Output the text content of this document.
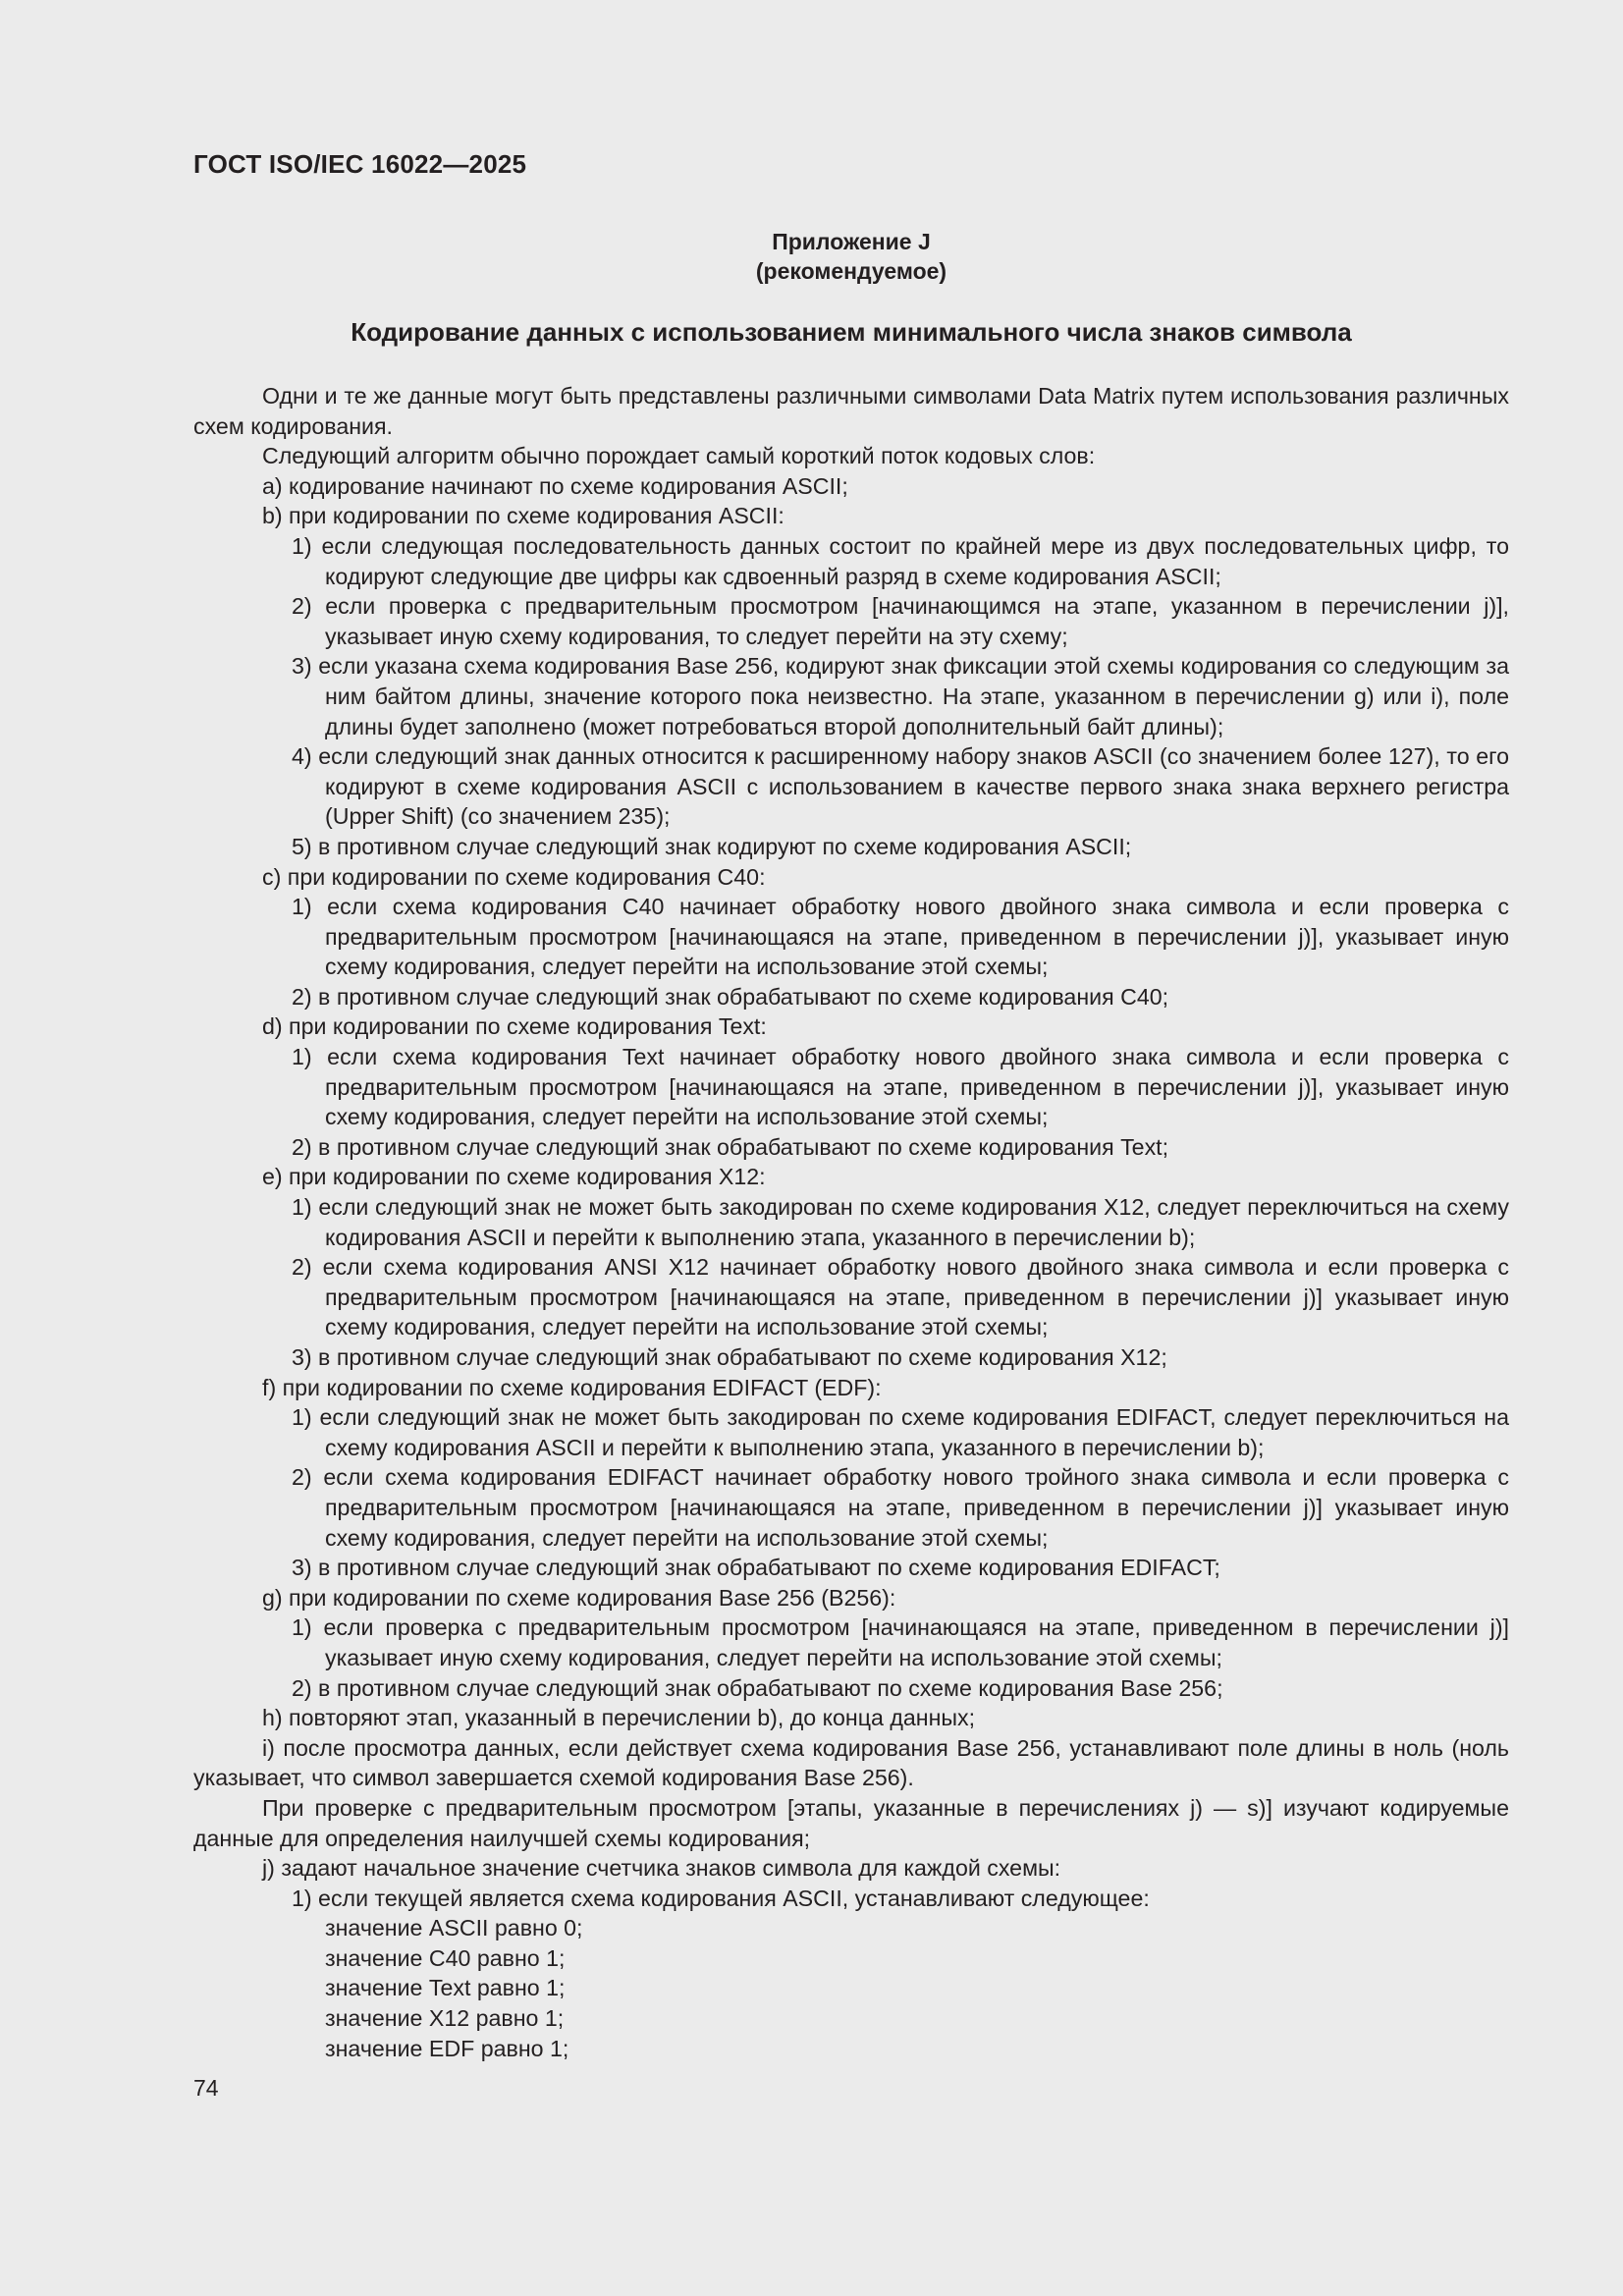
ГОСТ ISO/IEC 16022—2025
Приложение J
(рекомендуемое)
Кодирование данных с использованием минимального числа знаков символа

Одни и те же данные могут быть представлены различными символами Data Matrix путем использования различных схем кодирования.

Следующий алгоритм обычно порождает самый короткий поток кодовых слов:

a) кодирование начинают по схеме кодирования ASCII;

b) при кодировании по схеме кодирования ASCII:

1) если следующая последовательность данных состоит по крайней мере из двух последовательных цифр, то кодируют следующие две цифры как сдвоенный разряд в схеме кодирования ASCII;

2) если проверка с предварительным просмотром [начинающимся на этапе, указанном в перечислении j)], указывает иную схему кодирования, то следует перейти на эту схему;

3) если указана схема кодирования Base 256, кодируют знак фиксации этой схемы кодирования со следующим за ним байтом длины, значение которого пока неизвестно. На этапе, указанном в перечислении g) или i), поле длины будет заполнено (может потребоваться второй дополнительный байт длины);

4) если следующий знак данных относится к расширенному набору знаков ASCII (со значением более 127), то его кодируют в схеме кодирования ASCII с использованием в качестве первого знака знака верхнего регистра (Upper Shift) (со значением 235);

5) в противном случае следующий знак кодируют по схеме кодирования ASCII;

c) при кодировании по схеме кодирования C40:

1) если схема кодирования C40 начинает обработку нового двойного знака символа и если проверка с предварительным просмотром [начинающаяся на этапе, приведенном в перечислении j)], указывает иную схему кодирования, следует перейти на использование этой схемы;

2) в противном случае следующий знак обрабатывают по схеме кодирования C40;

d) при кодировании по схеме кодирования Text:

1) если схема кодирования Text начинает обработку нового двойного знака символа и если проверка с предварительным просмотром [начинающаяся на этапе, приведенном в перечислении j)], указывает иную схему кодирования, следует перейти на использование этой схемы;

2) в противном случае следующий знак обрабатывают по схеме кодирования Text;

e) при кодировании по схеме кодирования X12:

1) если следующий знак не может быть закодирован по схеме кодирования X12, следует переключиться на схему кодирования ASCII и перейти к выполнению этапа, указанного в перечислении b);

2) если схема кодирования ANSI X12 начинает обработку нового двойного знака символа и если проверка с предварительным просмотром [начинающаяся на этапе, приведенном в перечислении j)] указывает иную схему кодирования, следует перейти на использование этой схемы;

3) в противном случае следующий знак обрабатывают по схеме кодирования X12;

f) при кодировании по схеме кодирования EDIFACT (EDF):

1) если следующий знак не может быть закодирован по схеме кодирования EDIFACT, следует переключиться на схему кодирования ASCII и перейти к выполнению этапа, указанного в перечислении b);

2) если схема кодирования EDIFACT начинает обработку нового тройного знака символа и если проверка с предварительным просмотром [начинающаяся на этапе, приведенном в перечислении j)] указывает иную схему кодирования, следует перейти на использование этой схемы;

3) в противном случае следующий знак обрабатывают по схеме кодирования EDIFACT;

g) при кодировании по схеме кодирования Base 256 (B256):

1) если проверка с предварительным просмотром [начинающаяся на этапе, приведенном в перечислении j)] указывает иную схему кодирования, следует перейти на использование этой схемы;

2) в противном случае следующий знак обрабатывают по схеме кодирования Base 256;

h) повторяют этап, указанный в перечислении b), до конца данных;

i) после просмотра данных, если действует схема кодирования Base 256, устанавливают поле длины в ноль (ноль указывает, что символ завершается схемой кодирования Base 256).

При проверке с предварительным просмотром [этапы, указанные в перечислениях j) — s)] изучают кодируемые данные для определения наилучшей схемы кодирования;

j) задают начальное значение счетчика знаков символа для каждой схемы:

1) если текущей является схема кодирования ASCII, устанавливают следующее:

значение ASCII равно 0;

значение C40 равно 1;

значение Text равно 1;

значение X12 равно 1;

значение EDF равно 1;

74
